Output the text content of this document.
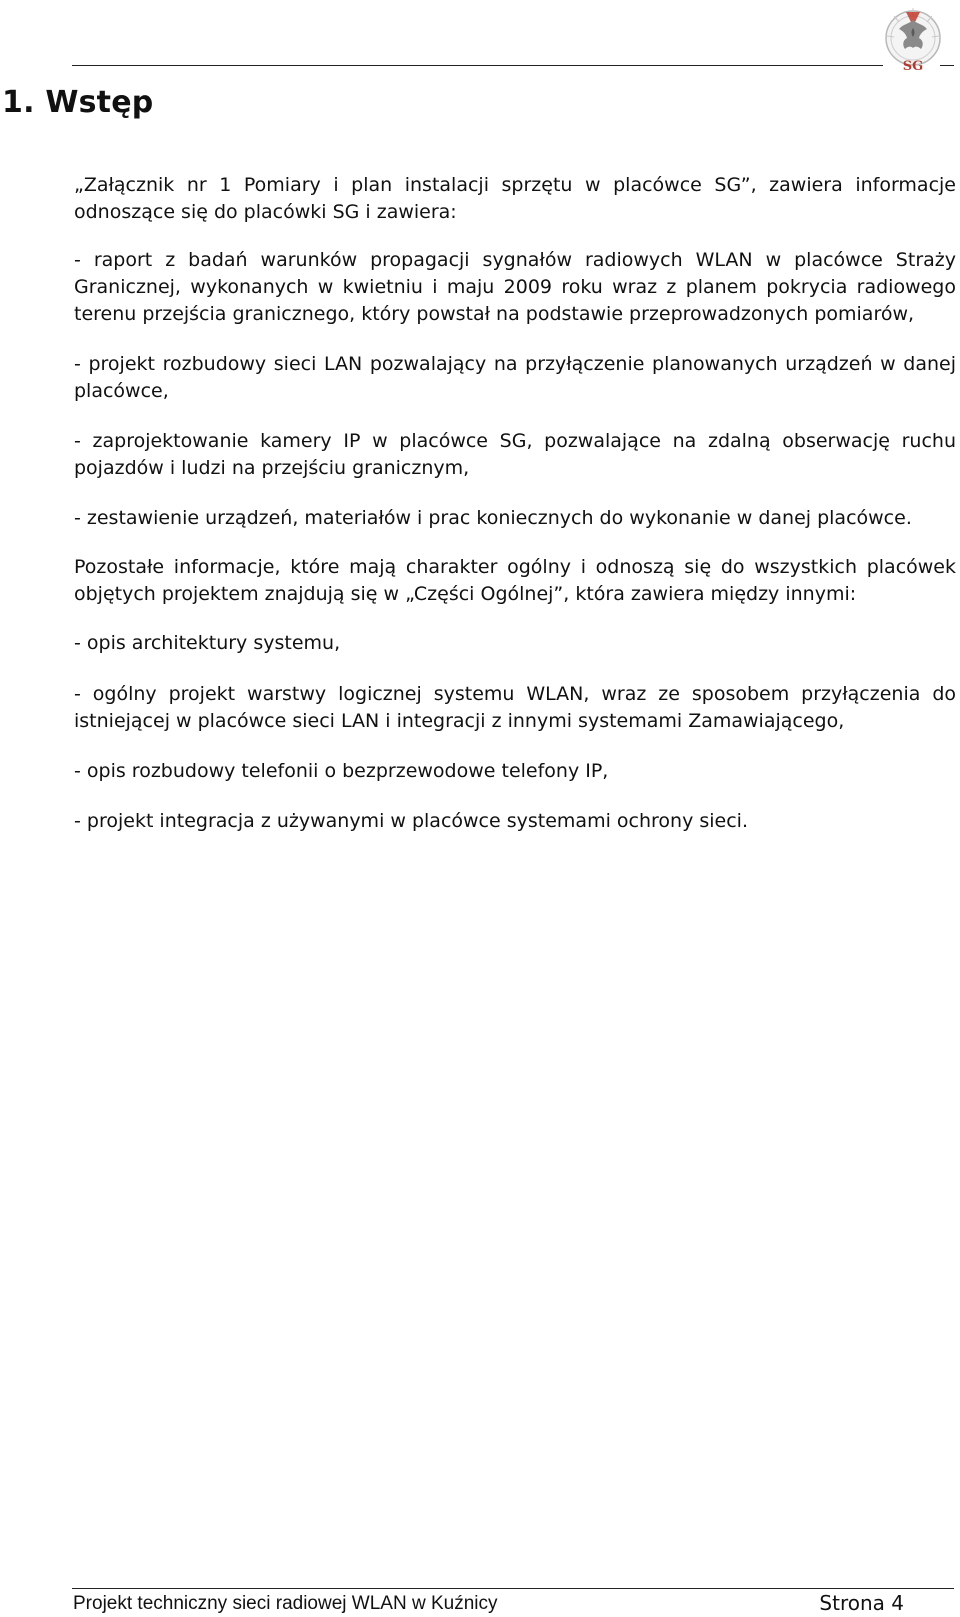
SG
1. Wstęp

„Załącznik nr 1 Pomiary i plan instalacji sprzętu w placówce SG”, zawiera informacje odnoszące się do placówki SG i zawiera:

- raport z badań warunków propagacji sygnałów radiowych WLAN w placówce Straży Granicznej, wykonanych w kwietniu i maju 2009 roku wraz z planem pokrycia radiowego terenu przejścia granicznego, który powstał na podstawie przeprowadzonych pomiarów,

- projekt rozbudowy sieci LAN pozwalający na przyłączenie planowanych urządzeń w danej placówce,

- zaprojektowanie kamery IP w placówce SG, pozwalające na zdalną obserwację ruchu pojazdów i ludzi na przejściu granicznym,

- zestawienie urządzeń, materiałów i prac koniecznych do wykonanie w danej placówce.

Pozostałe informacje, które mają charakter ogólny i odnoszą się do wszystkich placówek objętych projektem znajdują się w „Części Ogólnej”, która zawiera między innymi:

- opis architektury systemu,

- ogólny projekt warstwy logicznej systemu WLAN, wraz ze sposobem przyłączenia do istniejącej w placówce sieci LAN i integracji z innymi systemami Zamawiającego,

- opis rozbudowy telefonii o bezprzewodowe telefony IP,

- projekt integracja z używanymi w placówce systemami ochrony sieci.

Projekt techniczny sieci radiowej WLAN w Kuźnicy	Strona 4
